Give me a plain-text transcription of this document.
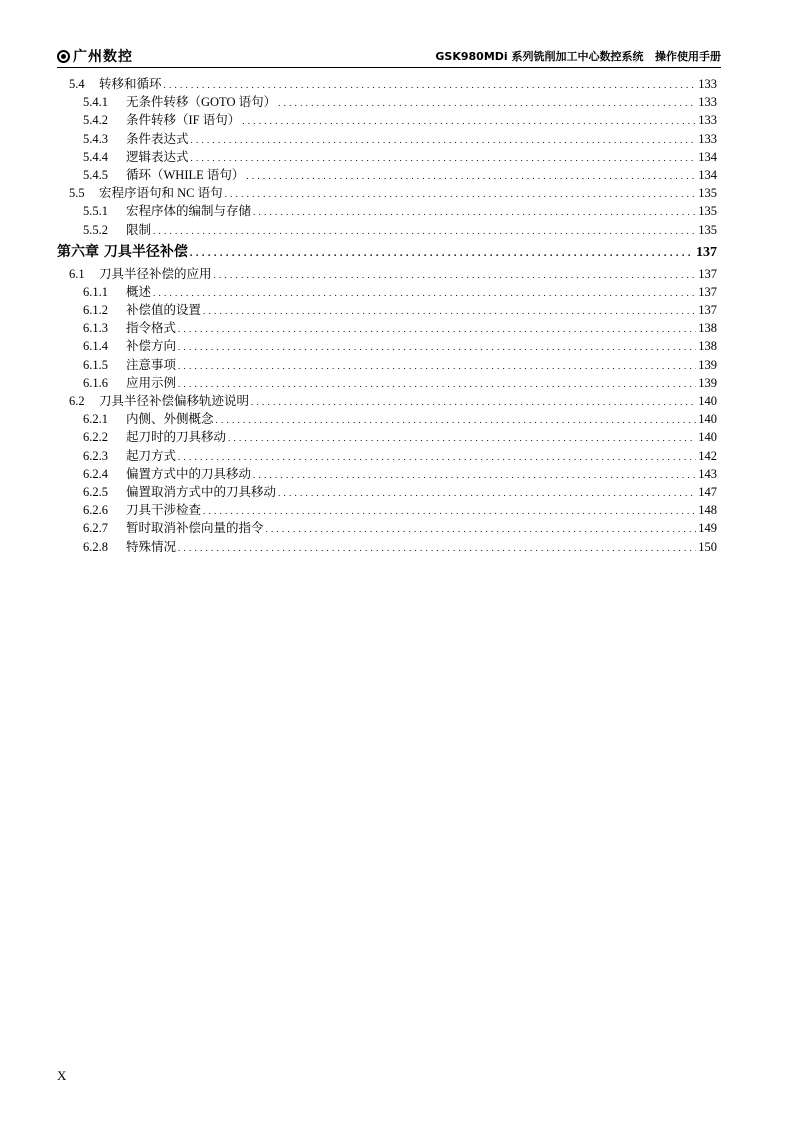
广州数控	GSK980MDi 系列铣削加工中心数控系统   操作使用手册
5.4	转移和循环 . . .	133
5.4.1	无条件转移（GOTO 语句） . . .	133
5.4.2	条件转移（IF 语句） . . .	133
5.4.3	条件表达式 . . .	133
5.4.4	逻辑表达式 . . .	134
5.4.5	循环（WHILE 语句） . . .	134
5.5	宏程序语句和 NC 语句 . . .	135
5.5.1	宏程序体的编制与存储 . . .	135
5.5.2	限制 . . .	135
第六章 刀具半径补偿 . . .	137
6.1	刀具半径补偿的应用 . . .	137
6.1.1	概述 . . .	137
6.1.2	补偿值的设置 . . .	137
6.1.3	指令格式 . . .	138
6.1.4	补偿方向 . . .	138
6.1.5	注意事项 . . .	139
6.1.6	应用示例 . . .	139
6.2	刀具半径补偿偏移轨迹说明 . . .	140
6.2.1	内侧、外侧概念 . . .	140
6.2.2	起刀时的刀具移动 . . .	140
6.2.3	起刀方式 . . .	142
6.2.4	偏置方式中的刀具移动 . . .	143
6.2.5	偏置取消方式中的刀具移动 . . .	147
6.2.6	刀具干涉检查 . . .	148
6.2.7	暂时取消补偿向量的指令 . . .	149
6.2.8	特殊情况 . . .	150
X
